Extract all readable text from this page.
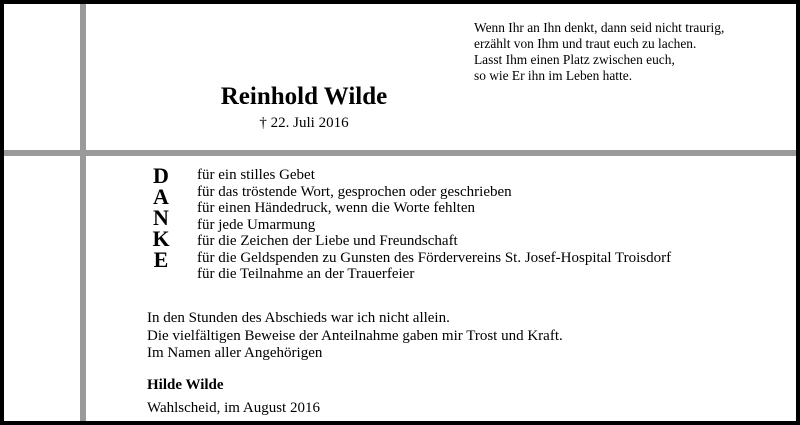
Wenn Ihr an Ihn denkt, dann seid nicht traurig,
erzählt von Ihm und traut euch zu lachen.
Lasst Ihm einen Platz zwischen euch,
so wie Er ihn im Leben hatte.
Reinhold Wilde
† 22. Juli 2016
D
A
N
K
E
für ein stilles Gebet
für das tröstende Wort, gesprochen oder geschrieben
für einen Händedruck, wenn die Worte fehlten
für jede Umarmung
für die Zeichen der Liebe und Freundschaft
für die Geldspenden zu Gunsten des Fördervereins St. Josef-Hospital Troisdorf
für die Teilnahme an der Trauerfeier
In den Stunden des Abschieds war ich nicht allein.
Die vielfältigen Beweise der Anteilnahme gaben mir Trost und Kraft.
Im Namen aller Angehörigen
Hilde Wilde
Wahlscheid, im August 2016
